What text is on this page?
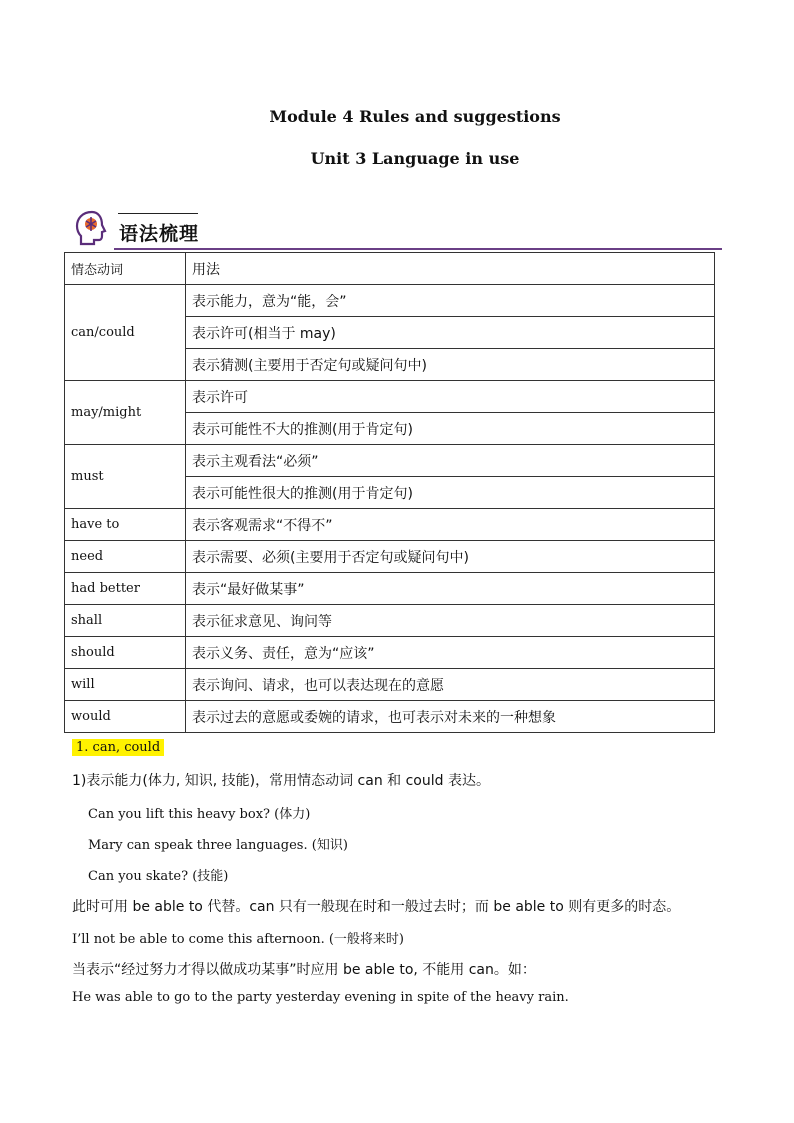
Module 4 Rules and suggestions
Unit 3 Language in use
语法梳理
情态动词	用法
can/could	表示能力，意为“能，会”
	表示许可(相当于 may)
	表示猜测(主要用于否定句或疑问句中)
may/might	表示许可
	表示可能性不大的推测(用于肯定句)
must	表示主观看法“必须”
	表示可能性很大的推测(用于肯定句)
have to	表示客观需求“不得不”
need	表示需要、必须(主要用于否定句或疑问句中)
had better	表示“最好做某事”
shall	表示征求意见、询问等
should	表示义务、责任，意为“应该”
will	表示询问、请求，也可以表达现在的意愿
would	表示过去的意愿或委婉的请求，也可表示对未来的一种想象
1. can, could
1)表示能力(体力, 知识, 技能)，常用情态动词 can 和 could 表达。
Can you lift this heavy box? (体力)
Mary can speak three languages. (知识)
Can you skate? (技能)
此时可用 be able to 代替。can 只有一般现在时和一般过去时；而 be able to 则有更多的时态。
I’ll not be able to come this afternoon. (一般将来时)
当表示“经过努力才得以做成功某事”时应用 be able to, 不能用 can。如：
He was able to go to the party yesterday evening in spite of the heavy rain.
